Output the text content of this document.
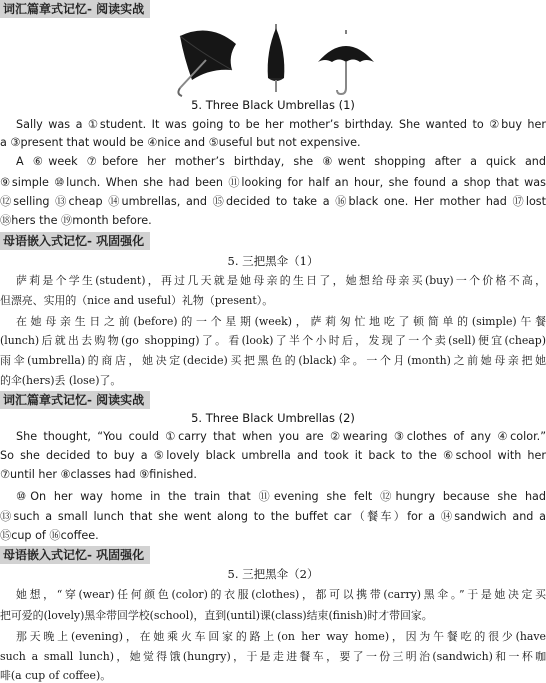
词汇篇章式记忆- 阅读实战
5. Three Black Umbrellas (1)
Sally was a ①student. It was going to be her mother’s birthday. She wanted to ②buy her
a ③present that would be ④nice and ⑤useful but not expensive.
A ⑥week ⑦before her mother’s birthday, she ⑧went shopping after a quick and
⑨simple ⑩lunch. When she had been ⑪looking for half an hour, she found a shop that was
⑫selling ⑬cheap ⑭umbrellas, and ⑮decided to take a ⑯black one. Her mother had ⑰lost
⑱hers the ⑲month before.
母语嵌入式记忆- 巩固强化
5. 三把黑伞（1）
萨莉是个学生(student)，再过几天就是她母亲的生日了，她想给母亲买(buy)一个价格不高，
但漂亮、实用的（nice and useful）礼物（present）。
在她母亲生日之前(before)的一个星期(week)，萨莉匆忙地吃了顿简单的(simple)午餐
(lunch)后就出去购物(go shopping)了。看(look)了半个小时后，发现了一个卖(sell)便宜(cheap)
雨伞(umbrella)的商店，她决定(decide)买把黑色的(black)伞。一个月(month)之前她母亲把她
的伞(hers)丢 (lose)了。
词汇篇章式记忆- 阅读实战
5. Three Black Umbrellas (2)
She thought, “You could ①carry that when you are ②wearing ③clothes of any ④color.”
So she decided to buy a ⑤lovely black umbrella and took it back to the ⑥school with her
⑦until her ⑧classes had ⑨finished.
⑩On her way home in the train that ⑪evening she felt ⑫hungry because she had
⑬such a small lunch that she went along to the buffet car（餐车）for a ⑭sandwich and a
⑮cup of ⑯coffee.
母语嵌入式记忆- 巩固强化
5. 三把黑伞（2）
她想，“穿(wear)任何颜色(color)的衣服(clothes)，都可以携带(carry)黑伞。”于是她决定买
把可爱的(lovely)黑伞带回学校(school)，直到(until)课(class)结束(finish)时才带回家。
那天晚上(evening)，在她乘火车回家的路上(on her way home)，因为午餐吃的很少(have
such a small lunch)，她觉得饿(hungry)，于是走进餐车，要了一份三明治(sandwich)和一杯咖
啡(a cup of coffee)。
